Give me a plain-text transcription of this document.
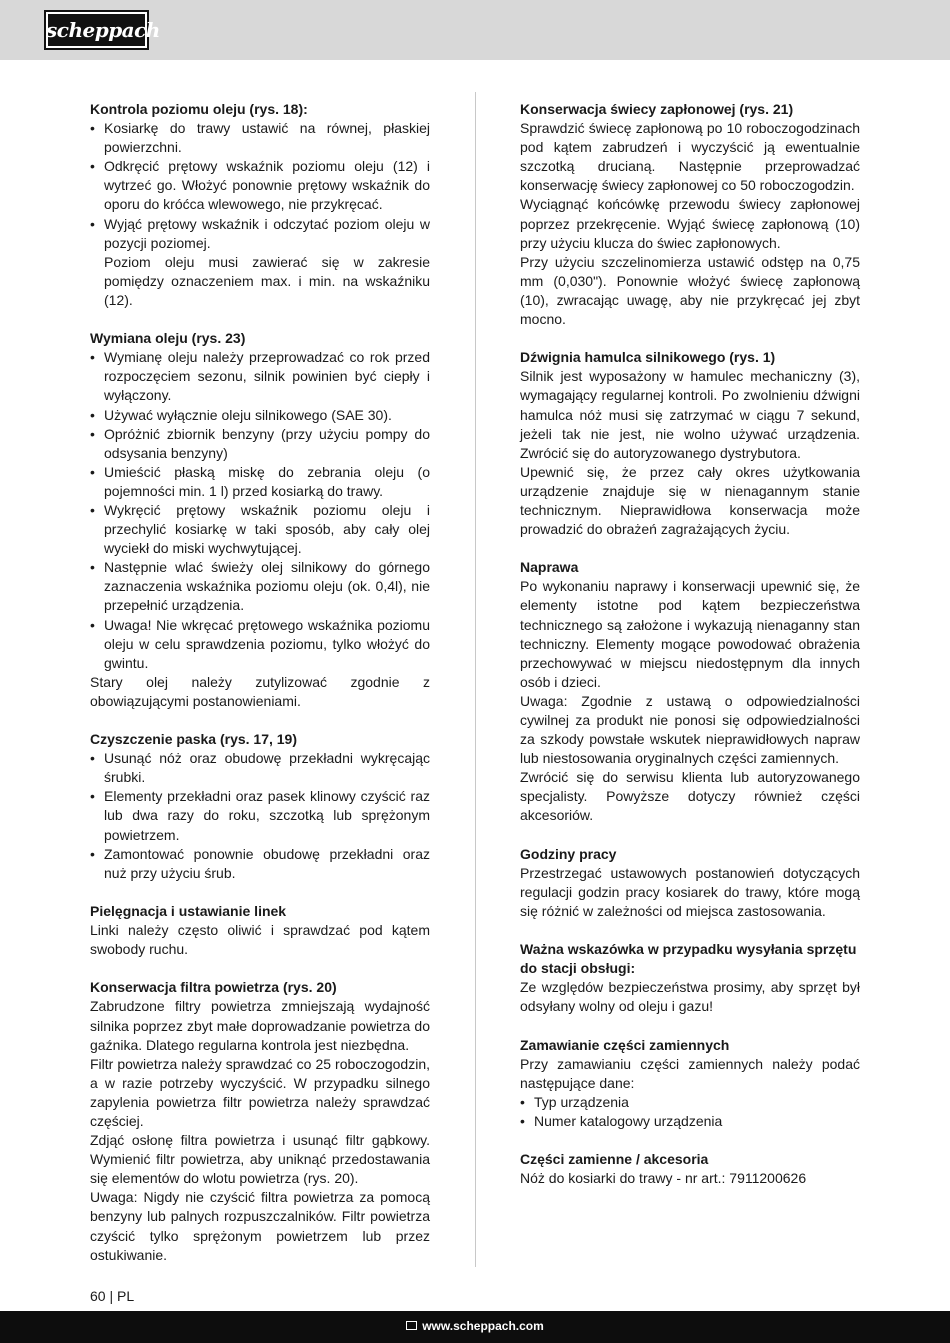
scheppach
Kontrola poziomu oleju (rys. 18):
• Kosiarkę do trawy ustawić na równej, płaskiej powierzchni.
• Odkręcić prętowy wskaźnik poziomu oleju (12) i wytrzeć go. Włożyć ponownie prętowy wskaźnik do oporu do króćca wlewowego, nie przykręcać.
• Wyjąć prętowy wskaźnik i odczytać poziom oleju w pozycji poziomej.

Poziom oleju musi zawierać się w zakresie pomiędzy oznaczeniem max. i min. na wskaźniku (12).

Wymiana oleju (rys. 23)
• Wymianę oleju należy przeprowadzać co rok przed rozpoczęciem sezonu, silnik powinien być ciepły i wyłączony.
• Używać wyłącznie oleju silnikowego (SAE 30).
• Opróżnić zbiornik benzyny (przy użyciu pompy do odsysania benzyny)
• Umieścić płaską miskę do zebrania oleju (o pojemności min. 1 l) przed kosiarką do trawy.
• Wykręcić prętowy wskaźnik poziomu oleju i przechylić kosiarkę w taki sposób, aby cały olej wyciekł do miski wychwytującej.
• Następnie wlać świeży olej silnikowy do górnego zaznaczenia wskaźnika poziomu oleju (ok. 0,4l), nie przepełnić urządzenia.
• Uwaga! Nie wkręcać prętowego wskaźnika poziomu oleju w celu sprawdzenia poziomu, tylko włożyć do gwintu.

Stary olej należy zutylizować zgodnie z obowiązującymi postanowieniami.

Czyszczenie paska (rys. 17, 19)
• Usunąć nóż oraz obudowę przekładni wykręcając śrubki.
• Elementy przekładni oraz pasek klinowy czyścić raz lub dwa razy do roku, szczotką lub sprężonym powietrzem.
• Zamontować ponownie obudowę przekładni oraz nuż przy użyciu śrub.
Pielęgnacja i ustawianie linek

Linki należy często oliwić i sprawdzać pod kątem swobody ruchu.

Konserwacja filtra powietrza (rys. 20)

Zabrudzone filtry powietrza zmniejszają wydajność silnika poprzez zbyt małe doprowadzanie powietrza do gaźnika. Dlatego regularna kontrola jest niezbędna.

Filtr powietrza należy sprawdzać co 25 roboczogodzin, a w razie potrzeby wyczyścić. W przypadku silnego zapylenia powietrza filtr powietrza należy sprawdzać częściej.

Zdjąć osłonę filtra powietrza i usunąć filtr gąbkowy. Wymienić filtr powietrza, aby uniknąć przedostawania się elementów do wlotu powietrza (rys. 20).

Uwaga: Nigdy nie czyścić filtra powietrza za pomocą benzyny lub palnych rozpuszczalników. Filtr powietrza czyścić tylko sprężonym powietrzem lub przez ostukiwanie.

Konserwacja świecy zapłonowej (rys. 21)

Sprawdzić świecę zapłonową po 10 roboczogodzinach pod kątem zabrudzeń i wyczyścić ją ewentualnie szczotką drucianą. Następnie przeprowadzać konserwację świecy zapłonowej co 50 roboczogodzin.

Wyciągnąć końcówkę przewodu świecy zapłonowej poprzez przekręcenie. Wyjąć świecę zapłonową (10) przy użyciu klucza do świec zapłonowych.

Przy użyciu szczelinomierza ustawić odstęp na 0,75 mm (0,030"). Ponownie włożyć świecę zapłonową (10), zwracając uwagę, aby nie przykręcać jej zbyt mocno.

Dźwignia hamulca silnikowego (rys. 1)

Silnik jest wyposażony w hamulec mechaniczny (3), wymagający regularnej kontroli. Po zwolnieniu dźwigni hamulca nóż musi się zatrzymać w ciągu 7 sekund, jeżeli tak nie jest, nie wolno używać urządzenia. Zwrócić się do autoryzowanego dystrybutora.

Upewnić się, że przez cały okres użytkowania urządzenie znajduje się w nienagannym stanie technicznym. Nieprawidłowa konserwacja może prowadzić do obrażeń zagrażających życiu.

Naprawa

Po wykonaniu naprawy i konserwacji upewnić się, że elementy istotne pod kątem bezpieczeństwa technicznego są założone i wykazują nienaganny stan techniczny. Elementy mogące powodować obrażenia przechowywać w miejscu niedostępnym dla innych osób i dzieci.

Uwaga: Zgodnie z ustawą o odpowiedzialności cywilnej za produkt nie ponosi się odpowiedzialności za szkody powstałe wskutek nieprawidłowych napraw lub niestosowania oryginalnych części zamiennych.

Zwrócić się do serwisu klienta lub autoryzowanego specjalisty. Powyższe dotyczy również części akcesoriów.

Godziny pracy

Przestrzegać ustawowych postanowień dotyczących regulacji godzin pracy kosiarek do trawy, które mogą się różnić w zależności od miejsca zastosowania.

Ważna wskazówka w przypadku wysyłania sprzętu do stacji obsługi:

Ze względów bezpieczeństwa prosimy, aby sprzęt był odsyłany wolny od oleju i gazu!

Zamawianie części zamiennych

Przy zamawianiu części zamiennych należy podać następujące dane:

• Typ urządzenia
• Numer katalogowy urządzenia
Części zamienne / akcesoria

Nóż do kosiarki do trawy - nr art.: 7911200626

60 | PL
www.scheppach.com
